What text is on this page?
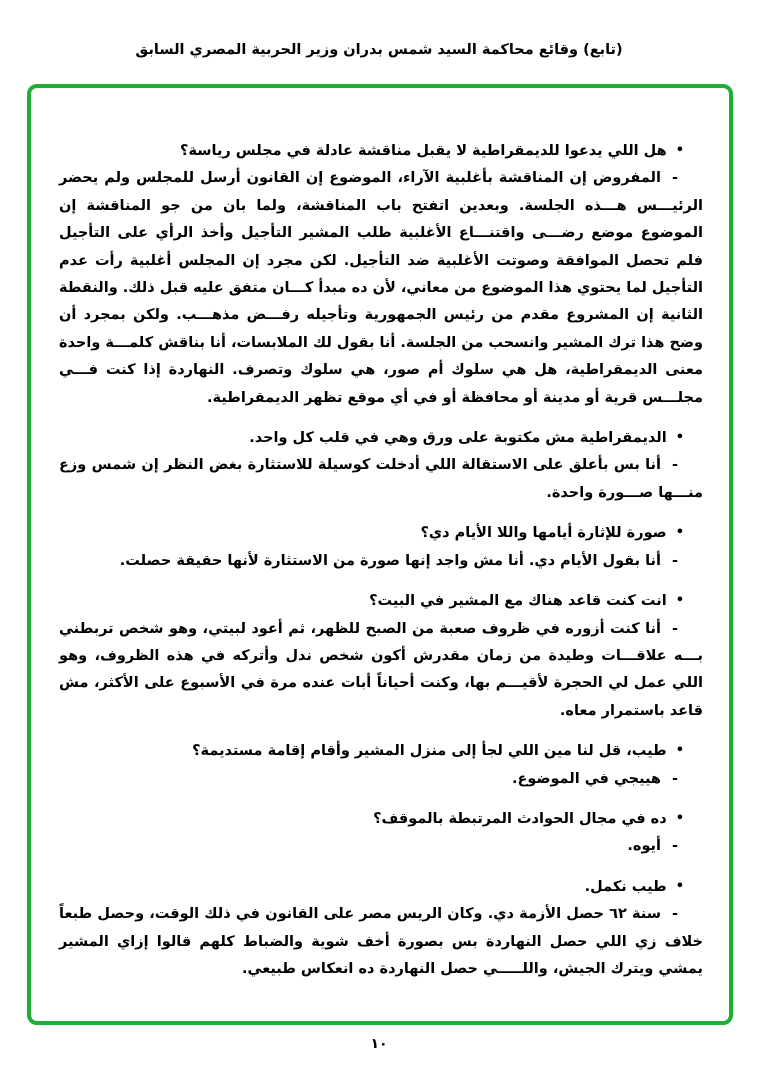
(تابع) وقائع محاكمة السيد شمس بدران وزير الحربية المصري السابق

•هل اللي يدعوا للديمقراطية لا يقبل مناقشة عادلة في مجلس رياسة؟

-المفروض إن المناقشة بأغلبية الآراء، الموضوع إن القانون أرسل للمجلس ولم يحضر الرئيـــس هـــذه الجلسة. وبعدين اتفتح باب المناقشة، ولما بان من جو المناقشة إن الموضوع موضع رضـــى واقتنـــاع الأغلبية طلب المشير التأجيل وأخذ الرأي على التأجيل فلم تحصل الموافقة وصوتت الأغلبية ضد التأجيل. لكن مجرد إن المجلس أغلبية رأت عدم التأجيل لما يحتوي هذا الموضوع من معاني، لأن ده مبدأ كـــان متفق عليه قبل ذلك. والنقطة الثانية إن المشروع مقدم من رئيس الجمهورية وتأجيله رفـــض مذهـــب. ولكن بمجرد أن وضح هذا ترك المشير وانسحب من الجلسة. أنا بقول لك الملابسات، أنا بناقش كلمـــة واحدة معنى الديمقراطية، هل هي سلوك أم صور، هي سلوك وتصرف. النهاردة إذا كنت فـــي مجلـــس قرية أو مدينة أو محافظة أو في أي موقع تظهر الديمقراطية.

•الديمقراطية مش مكتوبة على ورق وهي في قلب كل واحد.

-أنا بس بأعلق على الاستقالة اللي أدخلت كوسيلة للاستثارة بغض النظر إن شمس وزع منـــها صـــورة واحدة.

•صورة للإثارة أيامها واللا الأيام دي؟

-أنا بقول الأيام دي. أنا مش واجد إنها صورة من الاستثارة لأنها حقيقة حصلت.

•انت كنت قاعد هناك مع المشير في البيت؟

-أنا كنت أزوره في ظروف صعبة من الصبح للظهر، ثم أعود لبيتي، وهو شخص تربطني بـــه علاقـــات وطيدة من زمان مقدرش أكون شخص ندل وأتركه في هذه الظروف، وهو اللي عمل لي الحجرة لأقيـــم بها، وكنت أحياناً أبات عنده مرة في الأسبوع على الأكثر، مش قاعد باستمرار معاه.

•طيب، قل لنا مين اللي لجأ إلى منزل المشير وأقام إقامة مستديمة؟

-هييجي في الموضوع.

•ده في مجال الحوادث المرتبطة بالموقف؟

-أيوه.

•طيب نكمل.

-سنة ٦٢ حصل الأزمة دي. وكان الريس مصر على القانون في ذلك الوقت، وحصل طبعاً خلاف زي اللي حصل النهاردة بس بصورة أخف شوية والضباط كلهم قالوا إزاي المشير يمشي ويترك الجيش، واللـــــي حصل النهاردة ده انعكاس طبيعي.

١٠
